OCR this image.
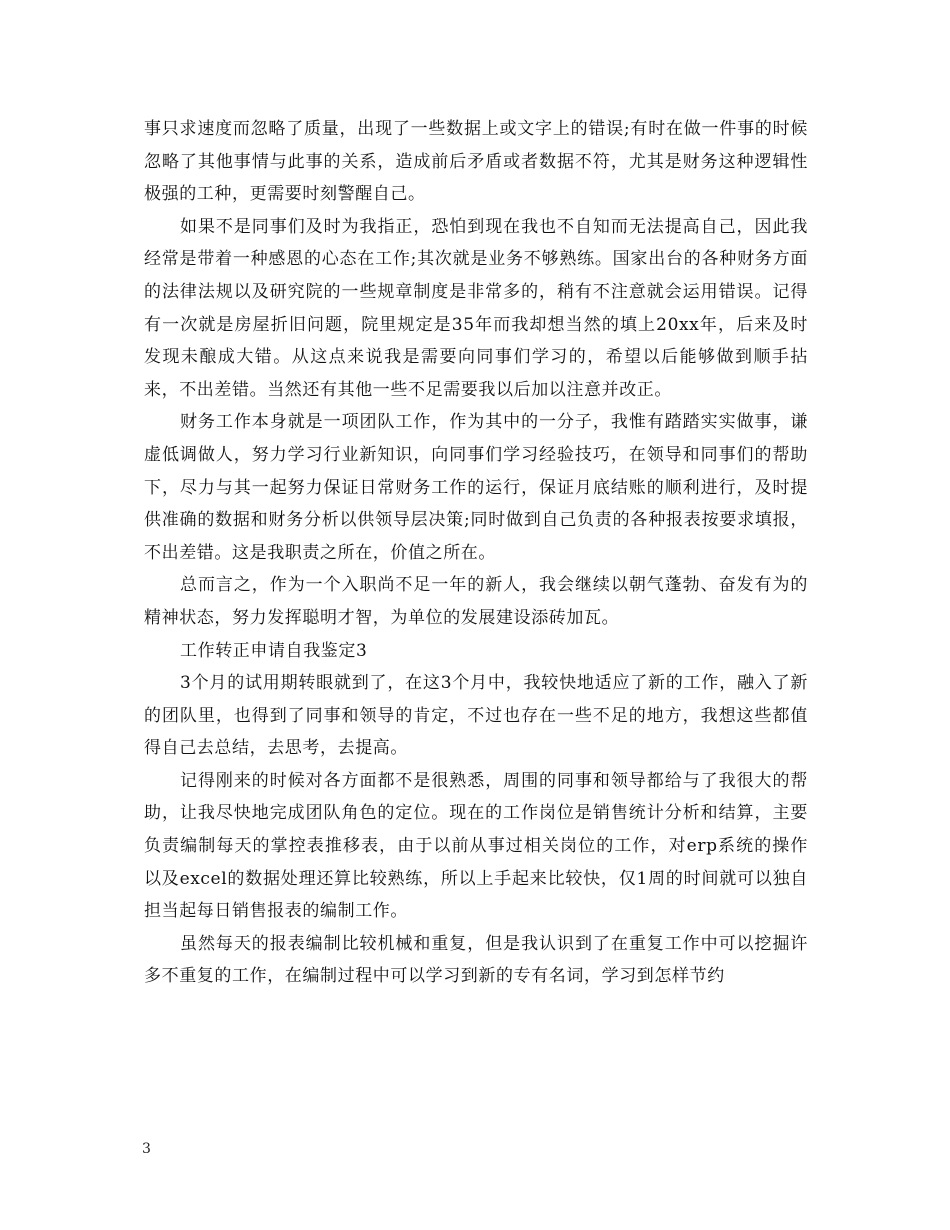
事只求速度而忽略了质量，出现了一些数据上或文字上的错误;有时在做一件事的时候忽略了其他事情与此事的关系，造成前后矛盾或者数据不符，尤其是财务这种逻辑性极强的工种，更需要时刻警醒自己。

如果不是同事们及时为我指正，恐怕到现在我也不自知而无法提高自己，因此我经常是带着一种感恩的心态在工作;其次就是业务不够熟练。国家出台的各种财务方面的法律法规以及研究院的一些规章制度是非常多的，稍有不注意就会运用错误。记得有一次就是房屋折旧问题，院里规定是35年而我却想当然的填上20xx年，后来及时发现未酿成大错。从这点来说我是需要向同事们学习的，希望以后能够做到顺手拈来，不出差错。当然还有其他一些不足需要我以后加以注意并改正。

财务工作本身就是一项团队工作，作为其中的一分子，我惟有踏踏实实做事，谦虚低调做人，努力学习行业新知识，向同事们学习经验技巧，在领导和同事们的帮助下，尽力与其一起努力保证日常财务工作的运行，保证月底结账的顺利进行，及时提供准确的数据和财务分析以供领导层决策;同时做到自己负责的各种报表按要求填报，不出差错。这是我职责之所在，价值之所在。

总而言之，作为一个入职尚不足一年的新人，我会继续以朝气蓬勃、奋发有为的精神状态，努力发挥聪明才智，为单位的发展建设添砖加瓦。

工作转正申请自我鉴定3

3个月的试用期转眼就到了，在这3个月中，我较快地适应了新的工作，融入了新的团队里，也得到了同事和领导的肯定，不过也存在一些不足的地方，我想这些都值得自己去总结，去思考，去提高。

记得刚来的时候对各方面都不是很熟悉，周围的同事和领导都给与了我很大的帮助，让我尽快地完成团队角色的定位。现在的工作岗位是销售统计分析和结算，主要负责编制每天的掌控表推移表，由于以前从事过相关岗位的工作，对erp系统的操作以及excel的数据处理还算比较熟练，所以上手起来比较快，仅1周的时间就可以独自担当起每日销售报表的编制工作。

虽然每天的报表编制比较机械和重复，但是我认识到了在重复工作中可以挖掘许多不重复的工作，在编制过程中可以学习到新的专有名词，学习到怎样节约

3
